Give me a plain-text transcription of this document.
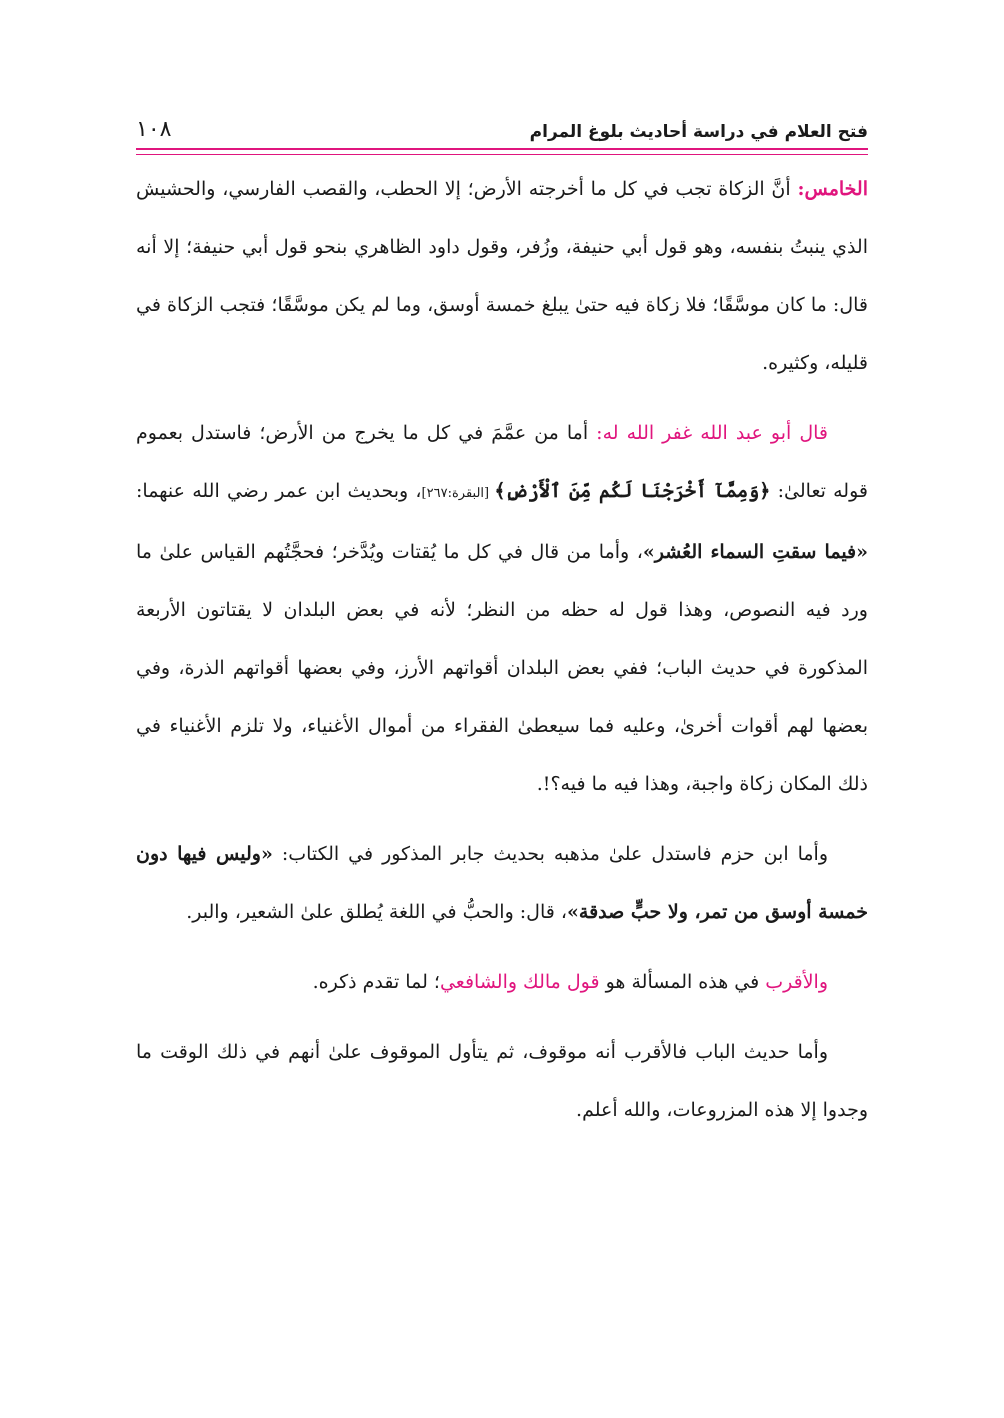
فتح العلام في دراسة أحاديث بلوغ المرام
١٠٨

الخامس: أنَّ الزكاة تجب في كل ما أخرجته الأرض؛ إلا الحطب، والقصب الفارسي، والحشيش الذي ينبتُ بنفسه، وهو قول أبي حنيفة، وزُفر، وقول داود الظاهري بنحو قول أبي حنيفة؛ إلا أنه قال: ما كان موسَّقًا؛ فلا زكاة فيه حتىٰ يبلغ خمسة أوسق، وما لم يكن موسَّقًا؛ فتجب الزكاة في قليله، وكثيره.

قال أبو عبد الله غفر الله له: أما من عمَّمَ في كل ما يخرج من الأرض؛ فاستدل بعموم قوله تعالىٰ: ﴿وَمِمَّآ أَخْرَجْنَا لَكُم مِّنَ ٱلْأَرْضِ﴾ [البقرة:٢٦٧]، وبحديث ابن عمر رضي الله عنهما: «فيما سقتِ السماء العُشر»، وأما من قال في كل ما يُقتات ويُدَّخر؛ فحجَّتُهم القياس علىٰ ما ورد فيه النصوص، وهذا قول له حظه من النظر؛ لأنه في بعض البلدان لا يقتاتون الأربعة المذكورة في حديث الباب؛ ففي بعض البلدان أقواتهم الأرز، وفي بعضها أقواتهم الذرة، وفي بعضها لهم أقوات أخرىٰ، وعليه فما سيعطىٰ الفقراء من أموال الأغنياء، ولا تلزم الأغنياء في ذلك المكان زكاة واجبة، وهذا فيه ما فيه؟!.

وأما ابن حزم فاستدل علىٰ مذهبه بحديث جابر المذكور في الكتاب: «وليس فيها دون خمسة أوسق من تمر، ولا حبٍّ صدقة»، قال: والحبُّ في اللغة يُطلق علىٰ الشعير، والبر.

والأقرب في هذه المسألة هو قول مالك والشافعي؛ لما تقدم ذكره.

وأما حديث الباب فالأقرب أنه موقوف، ثم يتأول الموقوف علىٰ أنهم في ذلك الوقت ما وجدوا إلا هذه المزروعات، والله أعلم.
